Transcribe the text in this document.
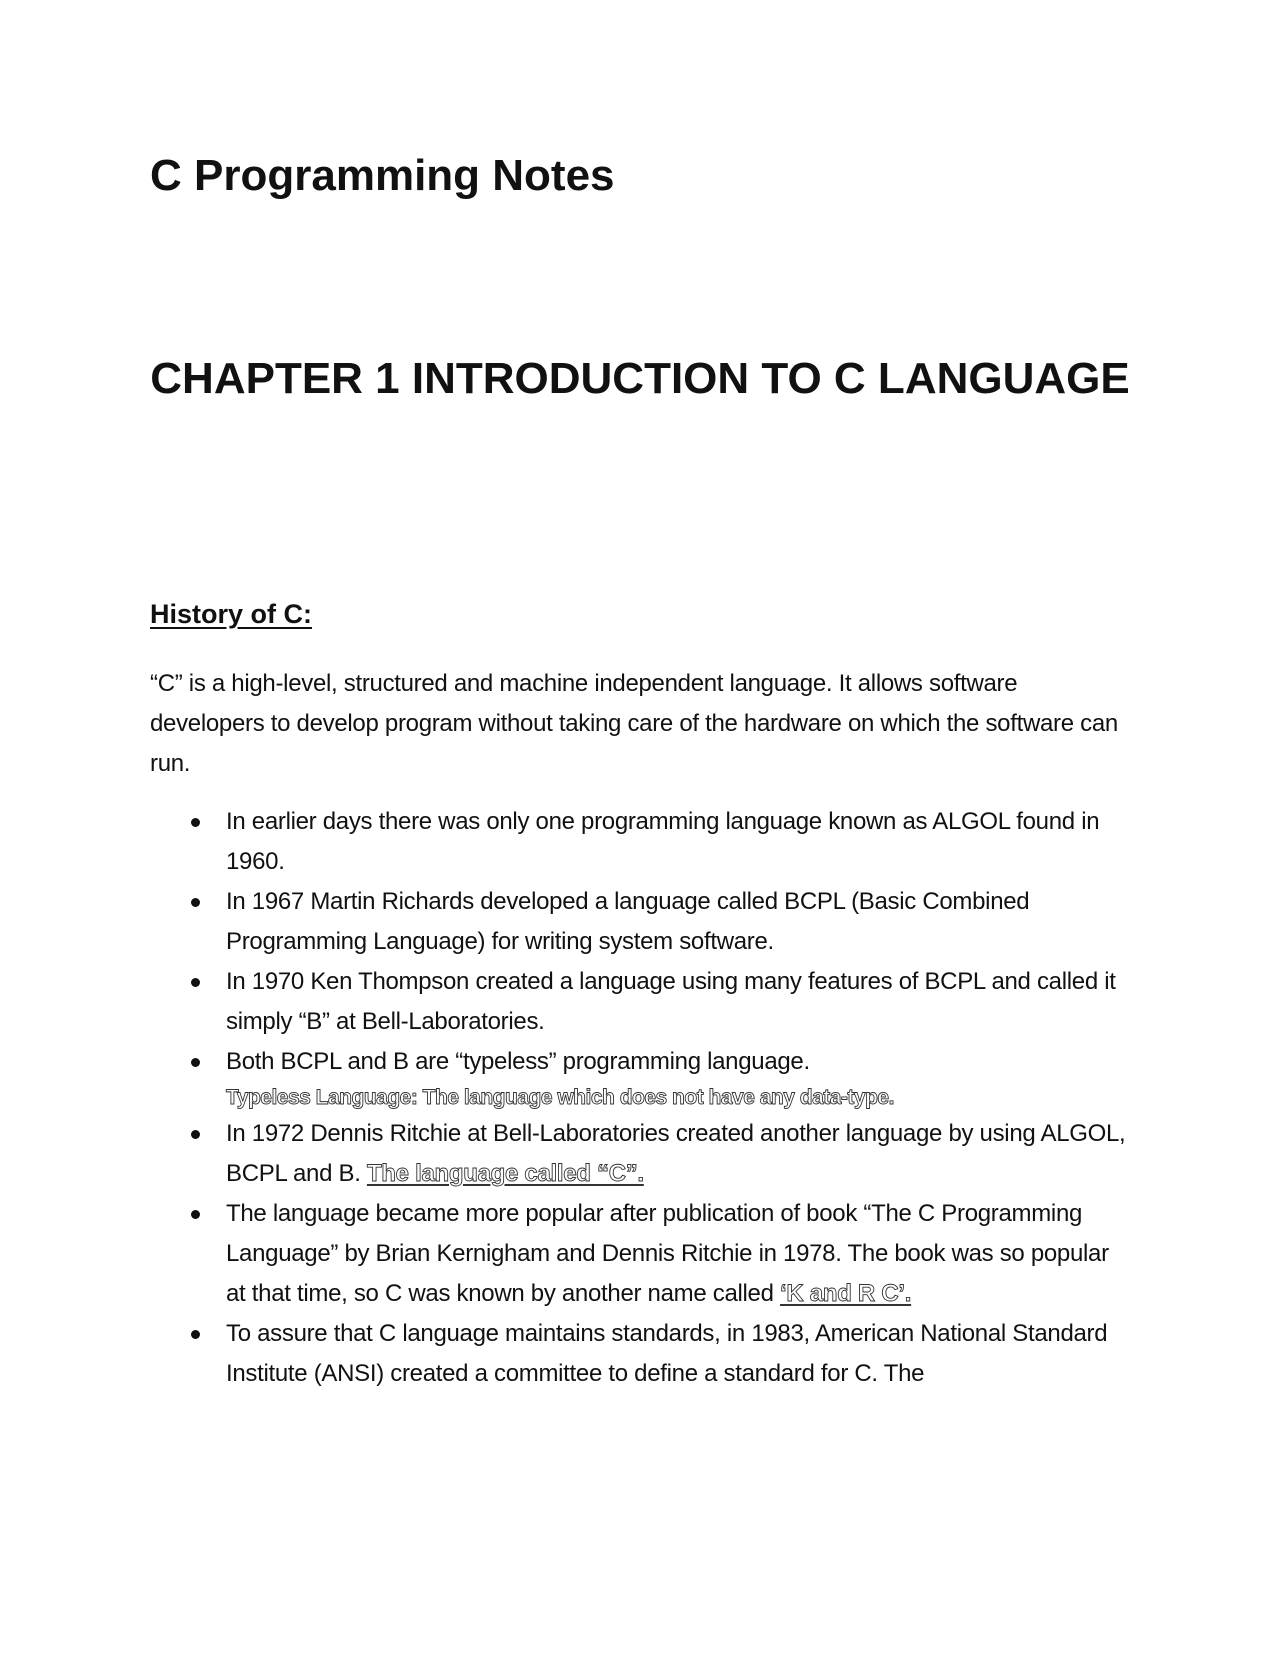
C Programming Notes
CHAPTER 1 INTRODUCTION TO C LANGUAGE
History of C:

“C” is a high-level, structured and machine independent language. It allows software developers to develop program without taking care of the hardware on which the software can run.

In earlier days there was only one programming language known as ALGOL found in 1960.
In 1967 Martin Richards developed a language called BCPL (Basic Combined Programming Language) for writing system software.
In 1970 Ken Thompson created a language using many features of BCPL and called it simply “B” at Bell-Laboratories.
Both BCPL and B are “typeless” programming language.
Typeless Language: The language which does not have any data-type.
In 1972 Dennis Ritchie at Bell-Laboratories created another language by using ALGOL, BCPL and B. The language called “C”.
The language became more popular after publication of book “The C Programming Language” by Brian Kernigham and Dennis Ritchie in 1978. The book was so popular at that time, so C was known by another name called ‘K and R C’.
To assure that C language maintains standards, in 1983, American National Standard Institute (ANSI) created a committee to define a standard for C. The
